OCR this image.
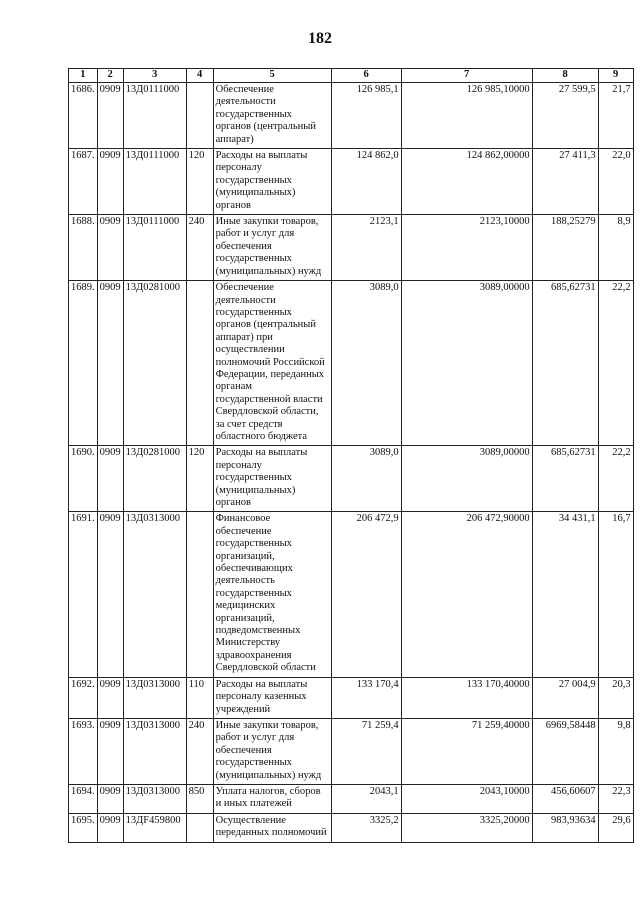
182
1	2	3	4	5	6	7	8	9
1686.	0909	13Д0111000		Обеспечение деятельности государственных органов (центральный аппарат)	126 985,1	126 985,10000	27 599,5	21,7
1687.	0909	13Д0111000	120	Расходы на выплаты персоналу государственных (муниципальных) органов	124 862,0	124 862,00000	27 411,3	22,0
1688.	0909	13Д0111000	240	Иные закупки товаров, работ и услуг для обеспечения государственных (муниципальных) нужд	2123,1	2123,10000	188,25279	8,9
1689.	0909	13Д0281000		Обеспечение деятельности государственных органов (центральный аппарат) при осуществлении полномочий Российской Федерации, переданных органам государственной власти Свердловской области, за счет средств областного бюджета	3089,0	3089,00000	685,62731	22,2
1690.	0909	13Д0281000	120	Расходы на выплаты персоналу государственных (муниципальных) органов	3089,0	3089,00000	685,62731	22,2
1691.	0909	13Д0313000		Финансовое обеспечение государственных организаций, обеспечивающих деятельность государственных медицинских организаций, подведомственных Министерству здравоохранения Свердловской области	206 472,9	206 472,90000	34 431,1	16,7
1692.	0909	13Д0313000	110	Расходы на выплаты персоналу казенных учреждений	133 170,4	133 170,40000	27 004,9	20,3
1693.	0909	13Д0313000	240	Иные закупки товаров, работ и услуг для обеспечения государственных (муниципальных) нужд	71 259,4	71 259,40000	6969,58448	9,8
1694.	0909	13Д0313000	850	Уплата налогов, сборов и иных платежей	2043,1	2043,10000	456,60607	22,3
1695.	0909	13ДF459800		Осуществление переданных полномочий	3325,2	3325,20000	983,93634	29,6
